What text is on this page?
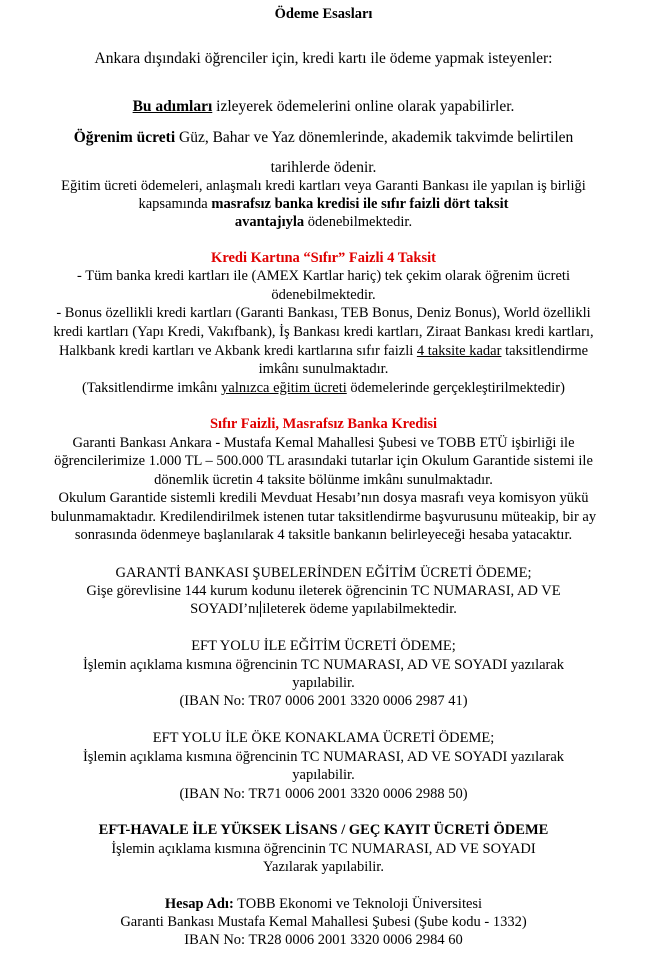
Ödeme Esasları

Ankara dışındaki öğrenciler için, kredi kartı ile ödeme yapmak isteyenler:

Bu adımları izleyerek ödemelerini online olarak yapabilirler.

Öğrenim ücreti Güz, Bahar ve Yaz dönemlerinde, akademik takvimde belirtilen

tarihlerde ödenir.

Eğitim ücreti ödemeleri, anlaşmalı kredi kartları veya Garanti Bankası ile yapılan iş birliği

kapsamında masrafsız banka kredisi ile sıfır faizli dört taksit

avantajıyla ödenebilmektedir.

Kredi Kartına “Sıfır” Faizli 4 Taksit

- Tüm banka kredi kartları ile (AMEX Kartlar hariç) tek çekim olarak öğrenim ücreti

ödenebilmektedir.

- Bonus özellikli kredi kartları (Garanti Bankası, TEB Bonus, Deniz Bonus), World özellikli

kredi kartları (Yapı Kredi, Vakıfbank), İş Bankası kredi kartları, Ziraat Bankası kredi kartları,

Halkbank kredi kartları ve Akbank kredi kartlarına sıfır faizli 4 taksite kadar taksitlendirme

imkânı sunulmaktadır.

(Taksitlendirme imkânı yalnızca eğitim ücreti ödemelerinde gerçekleştirilmektedir)

Sıfır Faizli, Masrafsız Banka Kredisi

Garanti Bankası Ankara - Mustafa Kemal Mahallesi Şubesi ve TOBB ETÜ işbirliği ile

öğrencilerimize 1.000 TL – 500.000 TL arasındaki tutarlar için Okulum Garantide sistemi ile

dönemlik ücretin 4 taksite bölünme imkânı sunulmaktadır.

Okulum Garantide sistemli kredili Mevduat Hesabı’nın dosya masrafı veya komisyon yükü

bulunmamaktadır. Kredilendirilmek istenen tutar taksitlendirme başvurusunu müteakip, bir ay

sonrasında ödenmeye başlanılarak 4 taksitle bankanın belirleyeceği hesaba yatacaktır.

GARANTİ BANKASI ŞUBELERİNDEN EĞİTİM ÜCRETİ ÖDEME;

Gişe görevlisine 144 kurum kodunu ileterek öğrencinin TC NUMARASI, AD VE

SOYADI’nı ileterek ödeme yapılabilmektedir.

EFT YOLU İLE EĞİTİM ÜCRETİ ÖDEME;

İşlemin açıklama kısmına öğrencinin TC NUMARASI, AD VE SOYADI yazılarak

yapılabilir.

(IBAN No: TR07 0006 2001 3320 0006 2987 41)

EFT YOLU İLE ÖKE KONAKLAMA ÜCRETİ ÖDEME;

İşlemin açıklama kısmına öğrencinin TC NUMARASI, AD VE SOYADI yazılarak

yapılabilir.

(IBAN No: TR71 0006 2001 3320 0006 2988 50)

EFT-HAVALE İLE YÜKSEK LİSANS / GEÇ KAYIT ÜCRETİ ÖDEME

İşlemin açıklama kısmına öğrencinin TC NUMARASI, AD VE SOYADI

Yazılarak yapılabilir.

Hesap Adı: TOBB Ekonomi ve Teknoloji Üniversitesi

Garanti Bankası Mustafa Kemal Mahallesi Şubesi (Şube kodu - 1332)

IBAN No: TR28 0006 2001 3320 0006 2984 60
